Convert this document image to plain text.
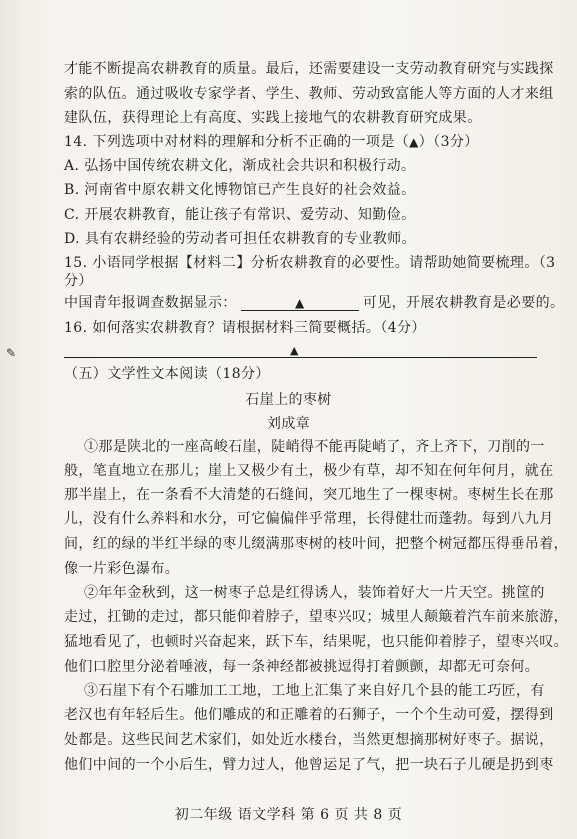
才能不断提高农耕教育的质量。最后，还需要建设一支劳动教育研究与实践探
索的队伍。通过吸收专家学者、学生、教师、劳动致富能人等方面的人才来组
建队伍，获得理论上有高度、实践上接地气的农耕教育研究成果。
14. 下列选项中对材料的理解和分析不正确的一项是（▲）（3分）
A. 弘扬中国传统农耕文化，渐成社会共识和积极行动。
B. 河南省中原农耕文化博物馆已产生良好的社会效益。
C. 开展农耕教育，能让孩子有常识、爱劳动、知勤俭。
D. 具有农耕经验的劳动者可担任农耕教育的专业教师。
15. 小语同学根据【材料二】分析农耕教育的必要性。请帮助她简要梳理。（3
分）
中国青年报调查数据显示：	▲	可见，开展农耕教育是必要的。
16. 如何落实农耕教育？请根据材料三简要概括。（4分）
▲
✎
（五）文学性文本阅读（18分）
石崖上的枣树
刘成章
①那是陕北的一座高峻石崖，陡峭得不能再陡峭了，齐上齐下，刀削的一
般，笔直地立在那儿；崖上又极少有土，极少有草，却不知在何年何月，就在
那半崖上，在一条看不大清楚的石缝间，突兀地生了一棵枣树。枣树生长在那
儿，没有什么养料和水分，可它偏偏伴乎常理，长得健壮而蓬勃。每到八九月
间，红的绿的半红半绿的枣儿缀满那枣树的枝叶间，把整个树冠都压得垂吊着，
像一片彩色瀑布。
②年年金秋到，这一树枣子总是红得诱人，装饰着好大一片天空。挑筐的
走过，扛锄的走过，都只能仰着脖子，望枣兴叹；城里人颠簸着汽车前来旅游，
猛地看见了，也顿时兴奋起来，跃下车，结果呢，也只能仰着脖子，望枣兴叹。
他们口腔里分泌着唾液，每一条神经都被挑逗得打着颤颤，却都无可奈何。
③石崖下有个石雕加工工地，工地上汇集了来自好几个县的能工巧匠，有
老汉也有年轻后生。他们雕成的和正雕着的石狮子，一个个生动可爱，摆得到
处都是。这些民间艺术家们，如处近水楼台，当然更想摘那树好枣子。据说，
他们中间的一个小后生，臂力过人，他曾运足了气，把一块石子儿硬是扔到枣
初二年级 语文学科 第 6 页 共 8 页
